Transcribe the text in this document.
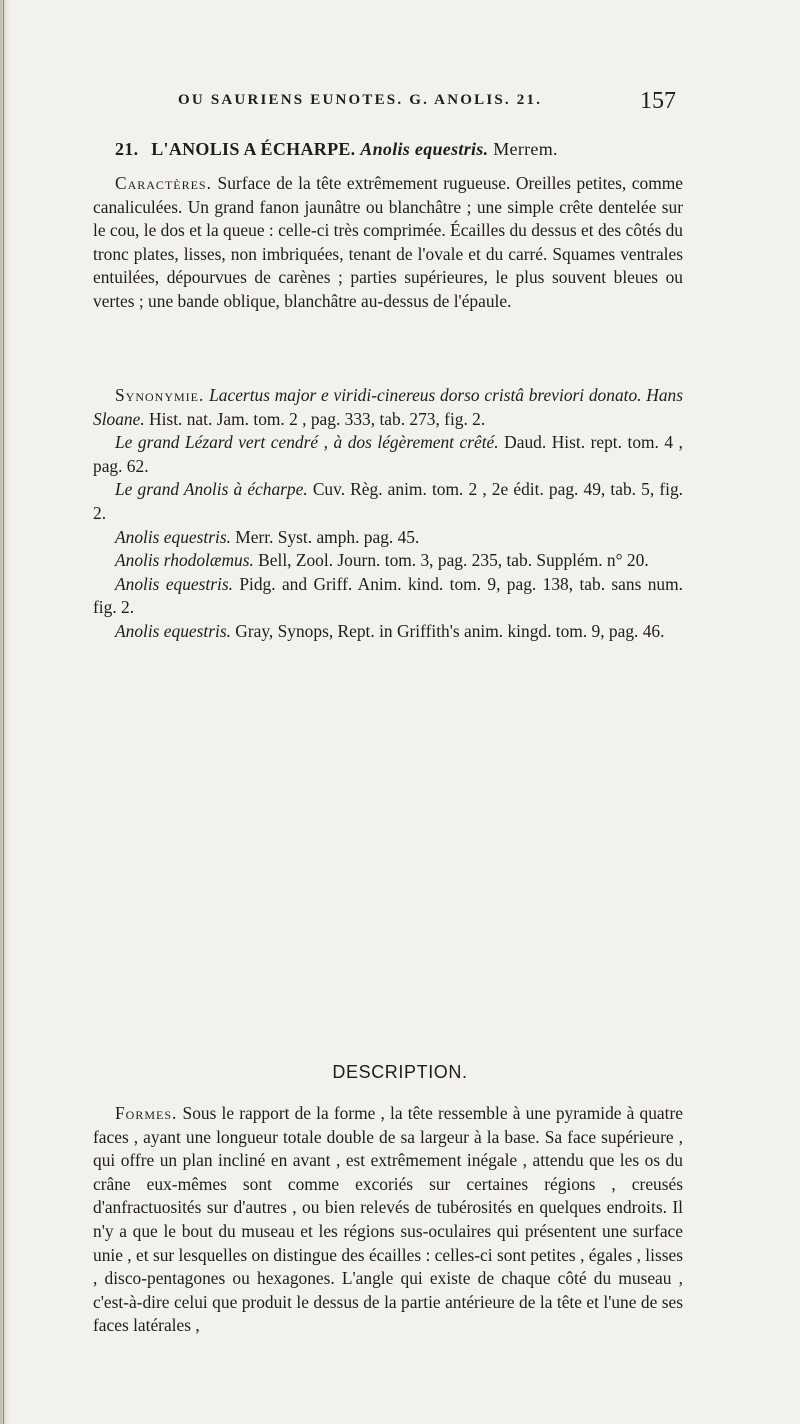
OU SAURIENS EUNOTES. G. ANOLIS. 21.	157
21. L'ANOLIS A ÉCHARPE. Anolis equestris. Merrem.

Caractères. Surface de la tête extrêmement rugueuse. Oreilles petites, comme canaliculées. Un grand fanon jaunâtre ou blanchâtre ; une simple crête dentelée sur le cou, le dos et la queue : celle-ci très comprimée. Écailles du dessus et des côtés du tronc plates, lisses, non imbriquées, tenant de l'ovale et du carré. Squames ventrales entuilées, dépourvues de carènes ; parties supérieures, le plus souvent bleues ou vertes ; une bande oblique, blanchâtre au-dessus de l'épaule.

Synonymie. Lacertus major e viridi-cinereus dorso cristâ breviori donato. Hans Sloane. Hist. nat. Jam. tom. 2 , pag. 333, tab. 273, fig. 2.

Le grand Lézard vert cendré , à dos légèrement crêté. Daud. Hist. rept. tom. 4 , pag. 62.

Le grand Anolis à écharpe. Cuv. Règ. anim. tom. 2 , 2e édit. pag. 49, tab. 5, fig. 2.

Anolis equestris. Merr. Syst. amph. pag. 45.

Anolis rhodolæmus. Bell, Zool. Journ. tom. 3, pag. 235, tab. Supplém. n° 20.

Anolis equestris. Pidg. and Griff. Anim. kind. tom. 9, pag. 138, tab. sans num. fig. 2.

Anolis equestris. Gray, Synops, Rept. in Griffith's anim. kingd. tom. 9, pag. 46.

DESCRIPTION.

Formes. Sous le rapport de la forme , la tête ressemble à une pyramide à quatre faces , ayant une longueur totale double de sa largeur à la base. Sa face supérieure , qui offre un plan incliné en avant , est extrêmement inégale , attendu que les os du crâne eux-mêmes sont comme excoriés sur certaines régions , creusés d'anfractuosités sur d'autres , ou bien relevés de tubérosités en quelques endroits. Il n'y a que le bout du museau et les régions sus-oculaires qui présentent une surface unie , et sur lesquelles on distingue des écailles : celles-ci sont petites , égales , lisses , disco-pentagones ou hexagones. L'angle qui existe de chaque côté du museau , c'est-à-dire celui que produit le dessus de la partie antérieure de la tête et l'une de ses faces latérales ,
